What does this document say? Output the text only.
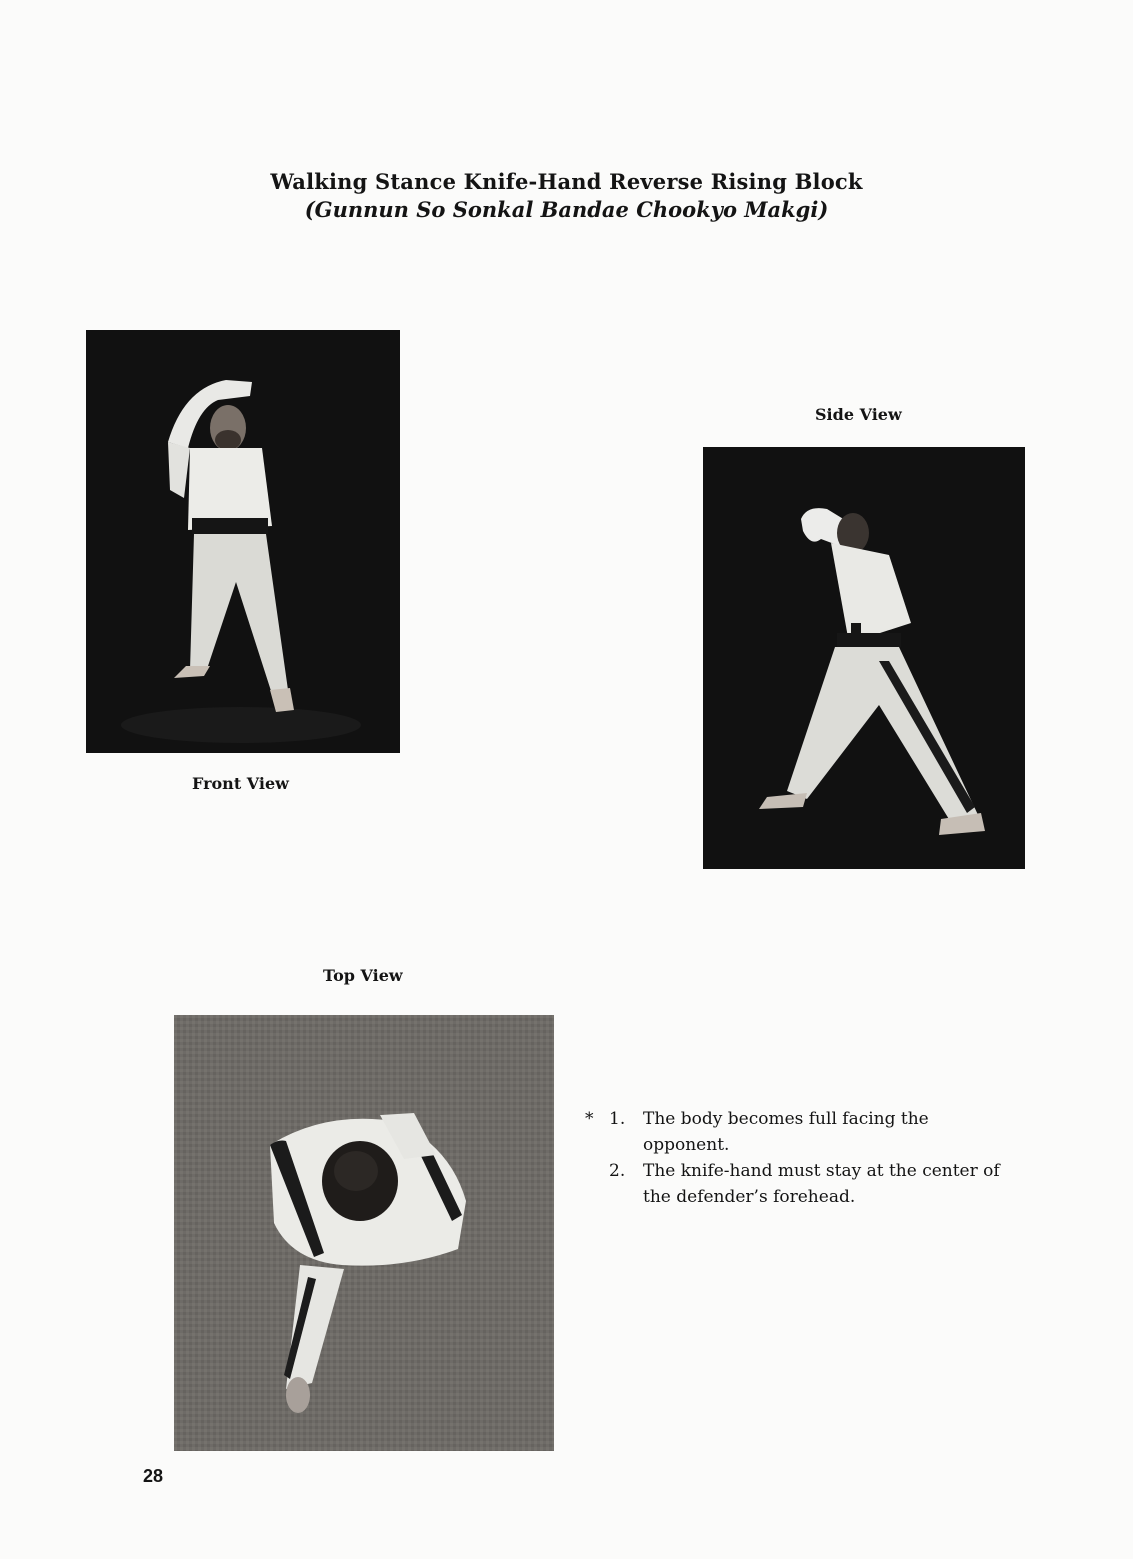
Walking Stance Knife-Hand Reverse Rising Block
(Gunnun So Sonkal Bandae Chookyo Makgi)
Front View
Side View
Top View
* 1. The body becomes full facing the opponent.
2. The knife-hand must stay at the center of the defender’s forehead.
28
